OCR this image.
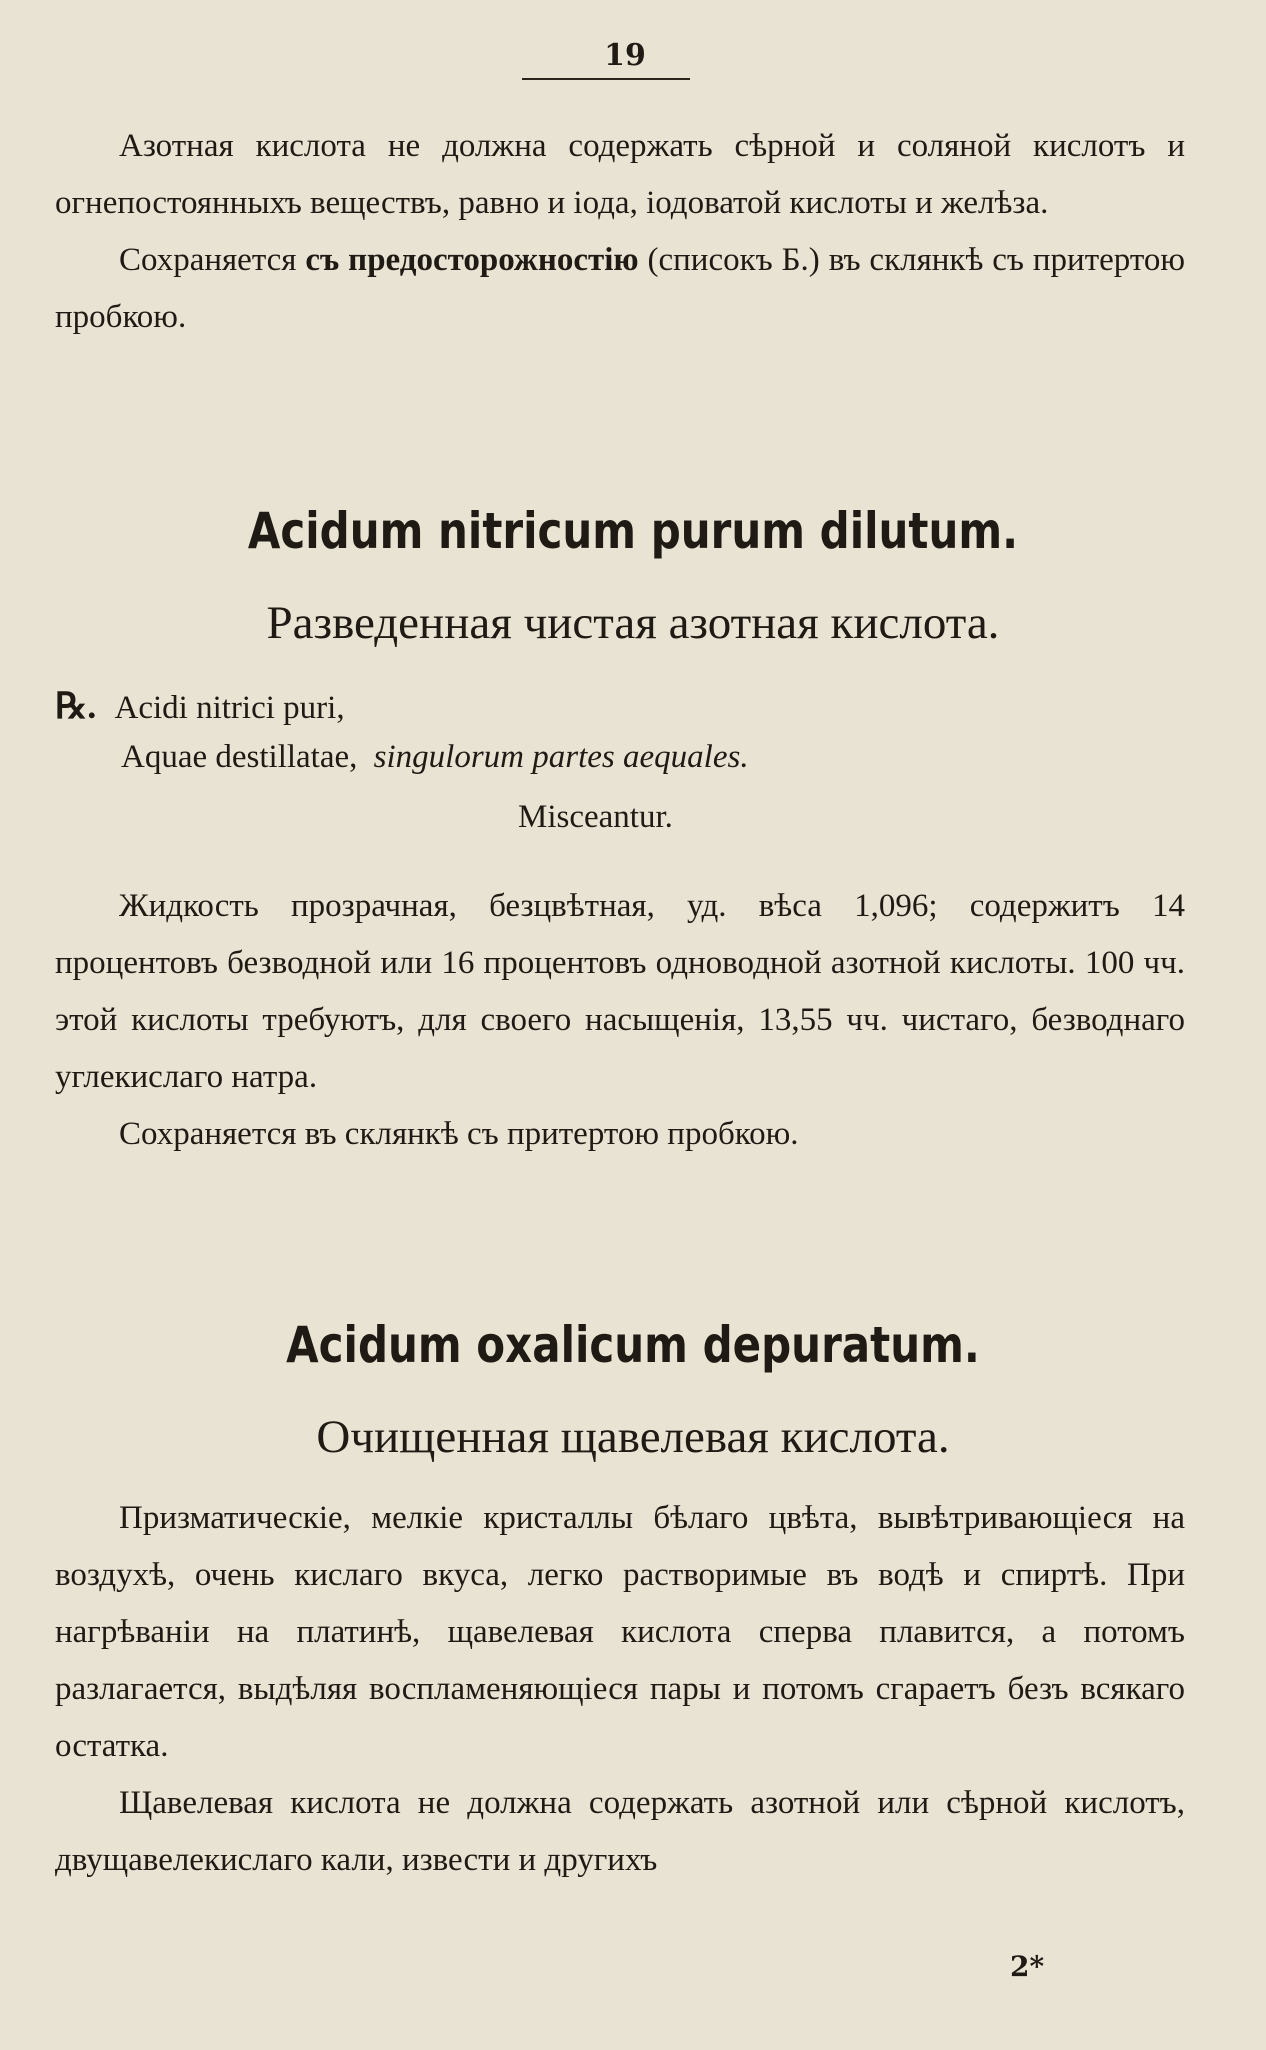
19

Азотная кислота не должна содержать сѣрной и соляной кислотъ и огнепостоянныхъ веществъ, равно и іода, іодоватой кислоты и желѣза.

Сохраняется съ предосторожностію (списокъ Б.) въ склянкѣ съ притертою пробкою.

Acidum nitricum purum dilutum.
Разведенная чистая азотная кислота.
℞. Acidi nitrici puri,
Aquae destillatae, singulorum partes aequales.
Misceantur.

Жидкость прозрачная, безцвѣтная, уд. вѣса 1,096; содержитъ 14 процентовъ безводной или 16 процентовъ одноводной азотной кислоты. 100 чч. этой кислоты требуютъ, для своего насыщенія, 13,55 чч. чистаго, безводнаго углекислаго натра.

Сохраняется въ склянкѣ съ притертою пробкою.

Acidum oxalicum depuratum.
Очищенная щавелевая кислота.

Призматическіе, мелкіе кристаллы бѣлаго цвѣта, вывѣтривающіеся на воздухѣ, очень кислаго вкуса, легко растворимые въ водѣ и спиртѣ. При нагрѣваніи на платинѣ, щавелевая кислота сперва плавится, а потомъ разлагается, выдѣляя воспламеняющіеся пары и потомъ сгараетъ безъ всякаго остатка.

Щавелевая кислота не должна содержать азотной или сѣрной кислотъ, двущавелекислаго кали, извести и другихъ

2*
